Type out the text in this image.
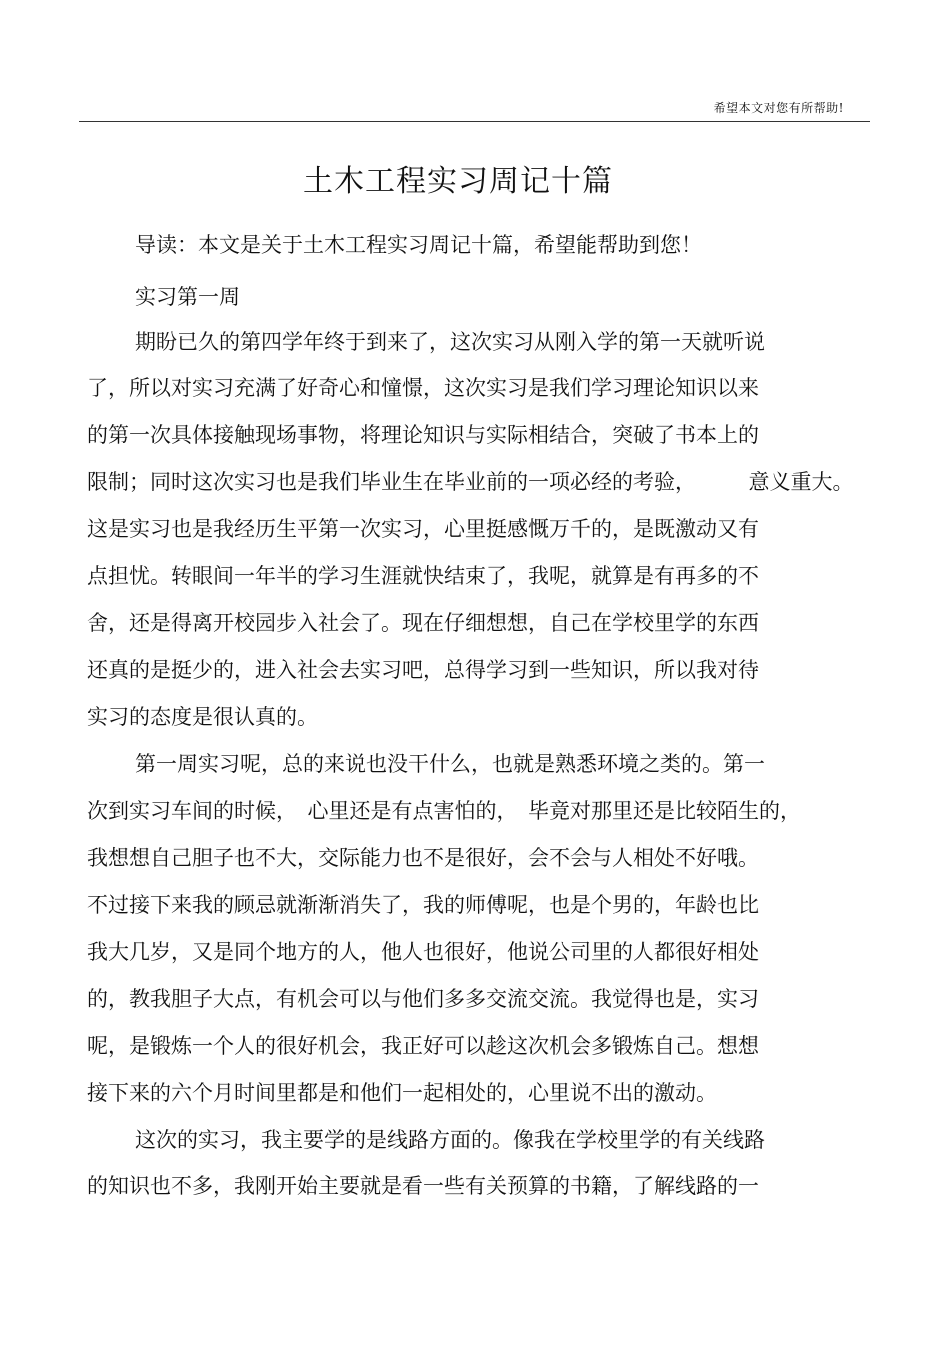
希望本文对您有所帮助!
土木工程实习周记十篇
导读：本文是关于土木工程实习周记十篇，希望能帮助到您！
实习第一周
期盼已久的第四学年终于到来了，这次实习从刚入学的第一天就听说
了，所以对实习充满了好奇心和憧憬，这次实习是我们学习理论知识以来
的第一次具体接触现场事物，将理论知识与实际相结合，突破了书本上的
限制；同时这次实习也是我们毕业生在毕业前的一项必经的考验，　　　意义重大。
这是实习也是我经历生平第一次实习，心里挺感慨万千的，是既激动又有
点担忧。转眼间一年半的学习生涯就快结束了，我呢，就算是有再多的不
舍，还是得离开校园步入社会了。现在仔细想想，自己在学校里学的东西
还真的是挺少的，进入社会去实习吧，总得学习到一些知识，所以我对待
实习的态度是很认真的。
第一周实习呢，总的来说也没干什么，也就是熟悉环境之类的。第一
次到实习车间的时候，　心里还是有点害怕的，　毕竟对那里还是比较陌生的，
我想想自己胆子也不大，交际能力也不是很好，会不会与人相处不好哦。
不过接下来我的顾忌就渐渐消失了，我的师傅呢，也是个男的，年龄也比
我大几岁，又是同个地方的人，他人也很好，他说公司里的人都很好相处
的，教我胆子大点，有机会可以与他们多多交流交流。我觉得也是，实习
呢，是锻炼一个人的很好机会，我正好可以趁这次机会多锻炼自己。想想
接下来的六个月时间里都是和他们一起相处的，心里说不出的激动。
这次的实习，我主要学的是线路方面的。像我在学校里学的有关线路
的知识也不多，我刚开始主要就是看一些有关预算的书籍，了解线路的一
